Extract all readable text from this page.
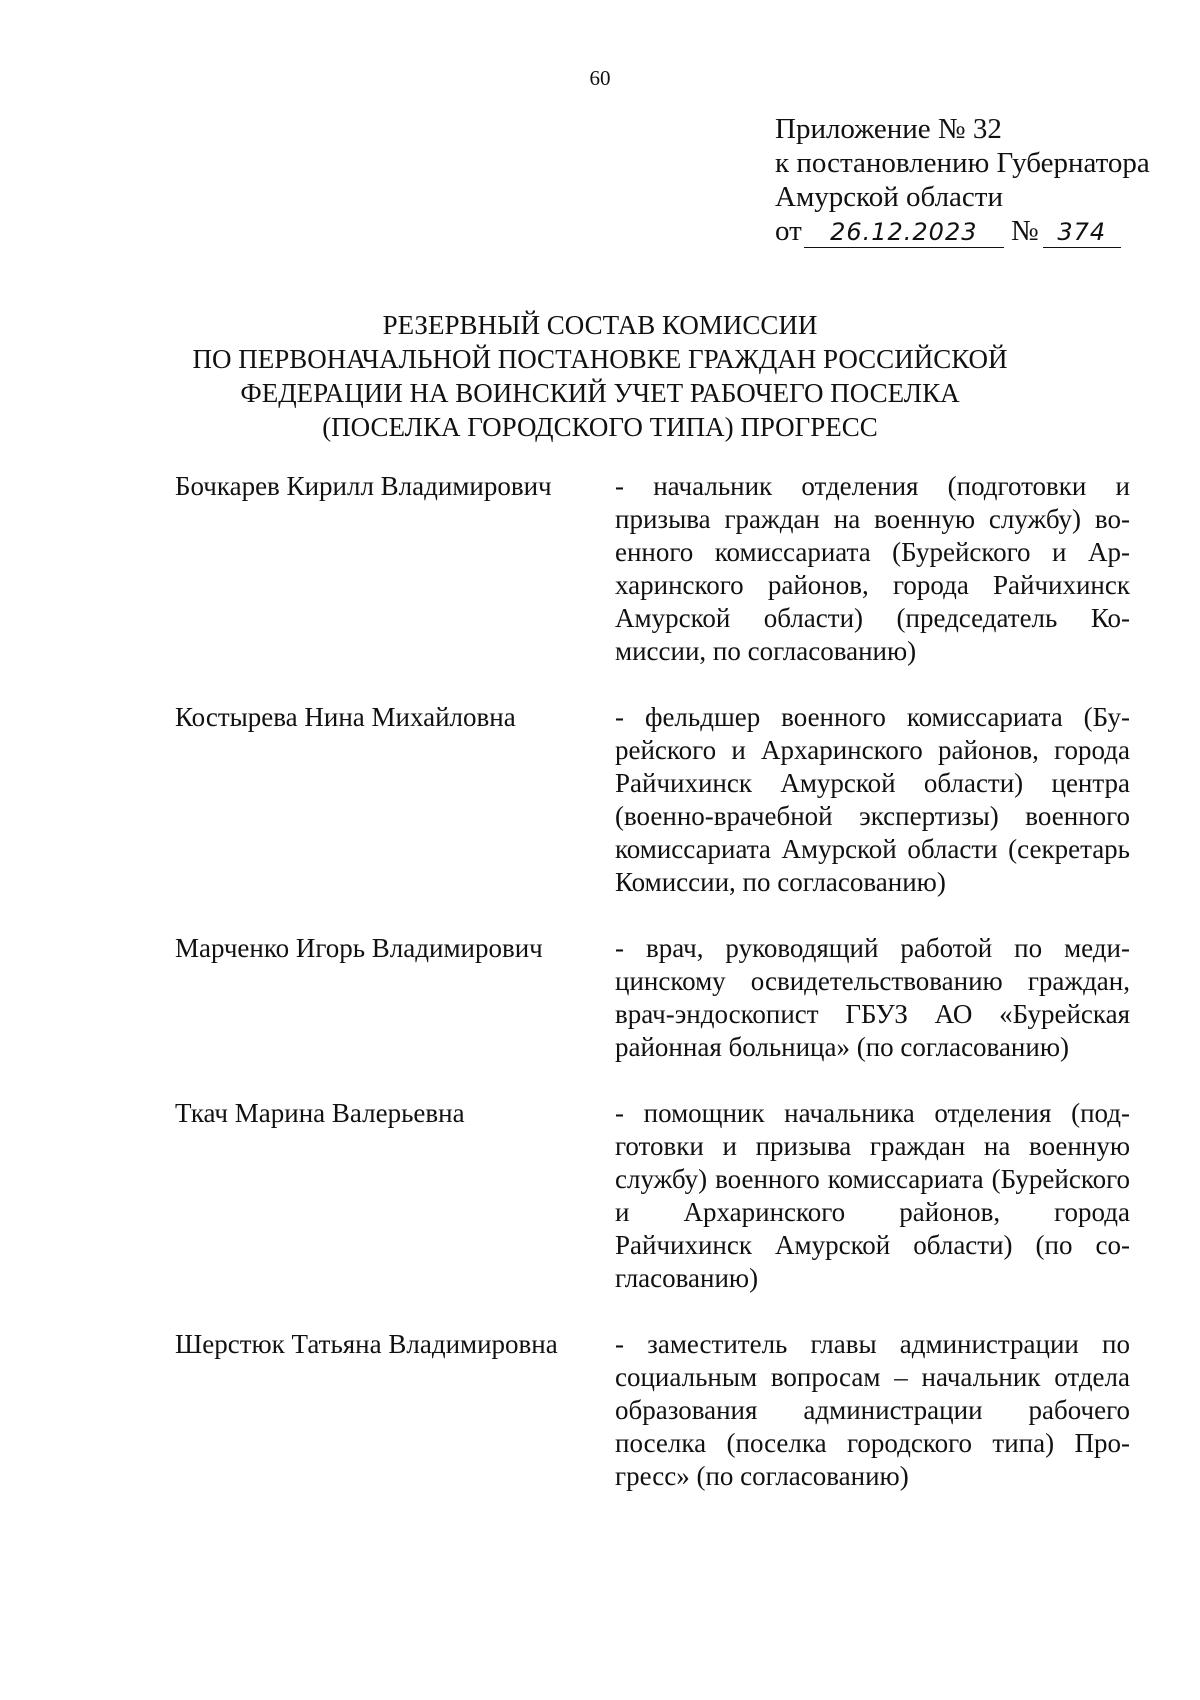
60
Приложение № 32
к постановлению Губернатора
Амурской области
от 26.12.2023 № 374
РЕЗЕРВНЫЙ СОСТАВ КОМИССИИ
ПО ПЕРВОНАЧАЛЬНОЙ ПОСТАНОВКЕ ГРАЖДАН РОССИЙСКОЙ
ФЕДЕРАЦИИ НА ВОИНСКИЙ УЧЕТ РАБОЧЕГО ПОСЕЛКА
(ПОСЕЛКА ГОРОДСКОГО ТИПА) ПРОГРЕСС
Бочкарев Кирилл Владимирович	- начальник отделения (подготовки и призыва граждан на военную службу) военного комиссариата (Бурейского и Архаринского районов, города Райчихинск Амурской области) (председатель Комиссии, по согласованию)
Костырева Нина Михайловна	- фельдшер военного комиссариата (Бурейского и Архаринского районов, города Райчихинск Амурской области) центра (военно-врачебной экспертизы) военного комиссариата Амурской области (секретарь Комиссии, по согласованию)
Марченко Игорь Владимирович	- врач, руководящий работой по медицинскому освидетельствованию граждан, врач-эндоскопист ГБУЗ АО «Бурейская районная больница» (по согласованию)
Ткач Марина Валерьевна	- помощник начальника отделения (подготовки и призыва граждан на военную службу) военного комиссариата (Бурейского и Архаринского районов, города Райчихинск Амурской области) (по согласованию)
Шерстюк Татьяна Владимировна	- заместитель главы администрации по социальным вопросам – начальник отдела образования администрации рабочего поселка (поселка городского типа) Прогресс» (по согласованию)
